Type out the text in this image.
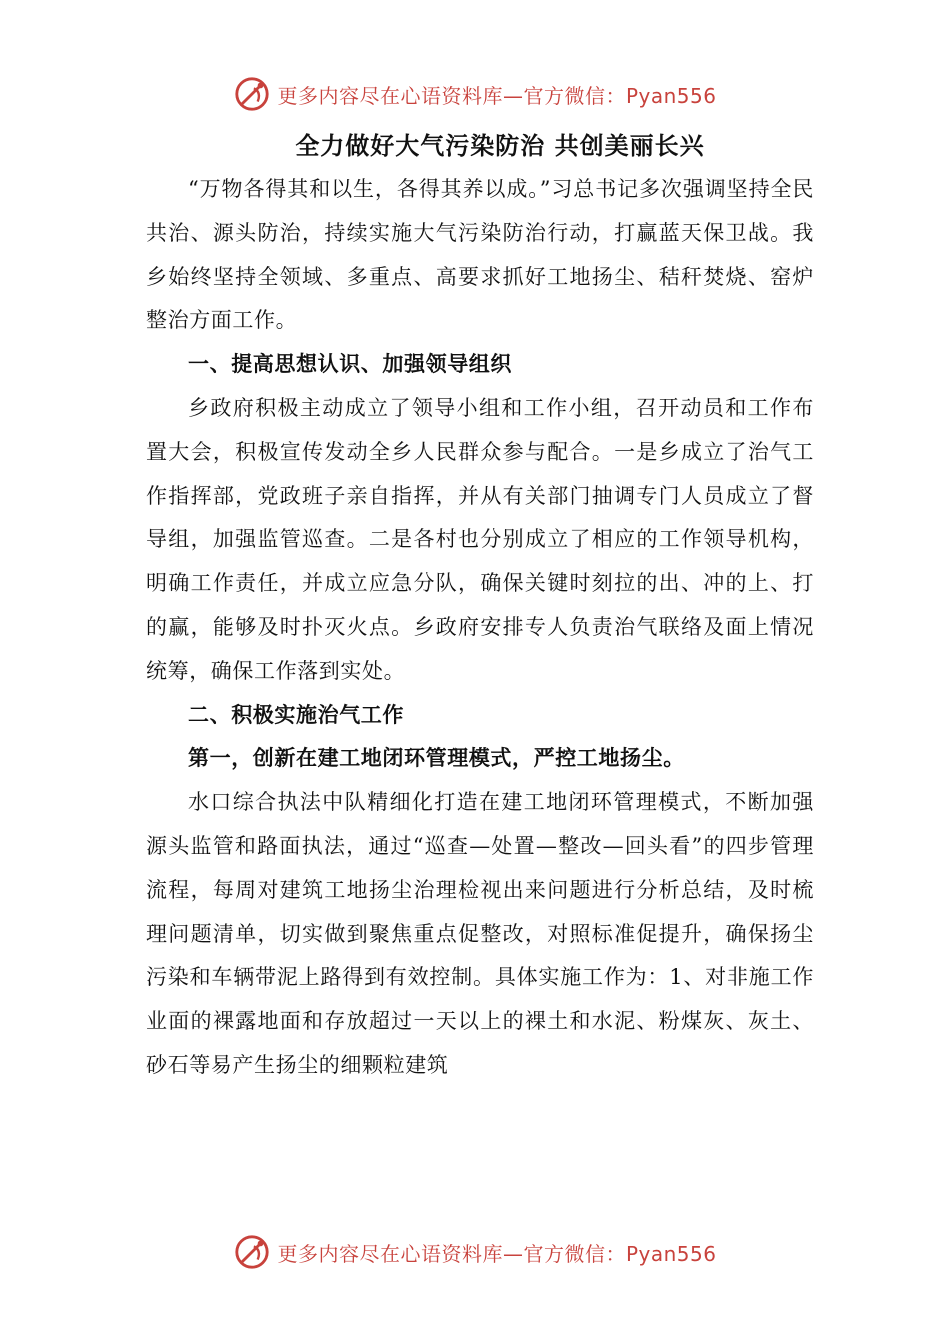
更多内容尽在心语资料库—官方微信：Pyan556
全力做好大气污染防治 共创美丽长兴

“万物各得其和以生，各得其养以成。”习总书记多次强调坚持全民共治、源头防治，持续实施大气污染防治行动，打赢蓝天保卫战。我乡始终坚持全领域、多重点、高要求抓好工地扬尘、秸秆焚烧、窑炉整治方面工作。

一、提高思想认识、加强领导组织

乡政府积极主动成立了领导小组和工作小组，召开动员和工作布置大会，积极宣传发动全乡人民群众参与配合。一是乡成立了治气工作指挥部，党政班子亲自指挥，并从有关部门抽调专门人员成立了督导组，加强监管巡查。二是各村也分别成立了相应的工作领导机构，明确工作责任，并成立应急分队，确保关键时刻拉的出、冲的上、打的赢，能够及时扑灭火点。乡政府安排专人负责治气联络及面上情况统筹，确保工作落到实处。

二、积极实施治气工作

第一，创新在建工地闭环管理模式，严控工地扬尘。

水口综合执法中队精细化打造在建工地闭环管理模式，不断加强源头监管和路面执法，通过“巡查—处置—整改—回头看”的四步管理流程，每周对建筑工地扬尘治理检视出来问题进行分析总结，及时梳理问题清单，切实做到聚焦重点促整改，对照标准促提升，确保扬尘污染和车辆带泥上路得到有效控制。具体实施工作为：1、对非施工作业面的裸露地面和存放超过一天以上的裸土和水泥、粉煤灰、灰土、砂石等易产生扬尘的细颗粒建筑

更多内容尽在心语资料库—官方微信：Pyan556
